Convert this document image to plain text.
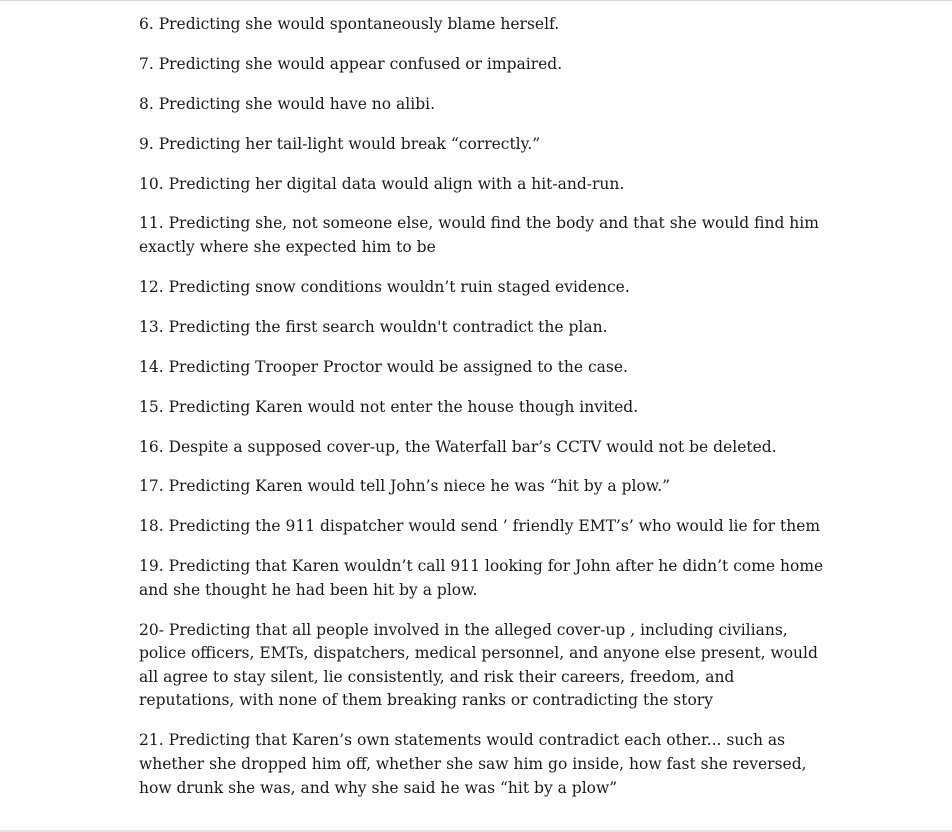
6. Predicting she would spontaneously blame herself.

7. Predicting she would appear confused or impaired.

8. Predicting she would have no alibi.

9. Predicting her tail-light would break “correctly.”

10. Predicting her digital data would align with a hit-and-run.

11. Predicting she, not someone else, would find the body and that she would find him exactly where she expected him to be

12. Predicting snow conditions wouldn’t ruin staged evidence.

13. Predicting the first search wouldn't contradict the plan.

14. Predicting Trooper Proctor would be assigned to the case.

15. Predicting Karen would not enter the house though invited.

16. Despite a supposed cover-up, the Waterfall bar’s CCTV would not be deleted.

17. Predicting Karen would tell John’s niece he was “hit by a plow.”

18. Predicting the 911 dispatcher would send ’ friendly EMT’s’ who would lie for them

19. Predicting that Karen wouldn’t call 911 looking for John after he didn’t come home and she thought he had been hit by a plow.

20- Predicting that all people involved in the alleged cover-up , including civilians, police officers, EMTs, dispatchers, medical personnel, and anyone else present, would all agree to stay silent, lie consistently, and risk their careers, freedom, and reputations, with none of them breaking ranks or contradicting the story

21. Predicting that Karen’s own statements would contradict each other... such as whether she dropped him off, whether she saw him go inside, how fast she reversed, how drunk she was, and why she said he was “hit by a plow”
